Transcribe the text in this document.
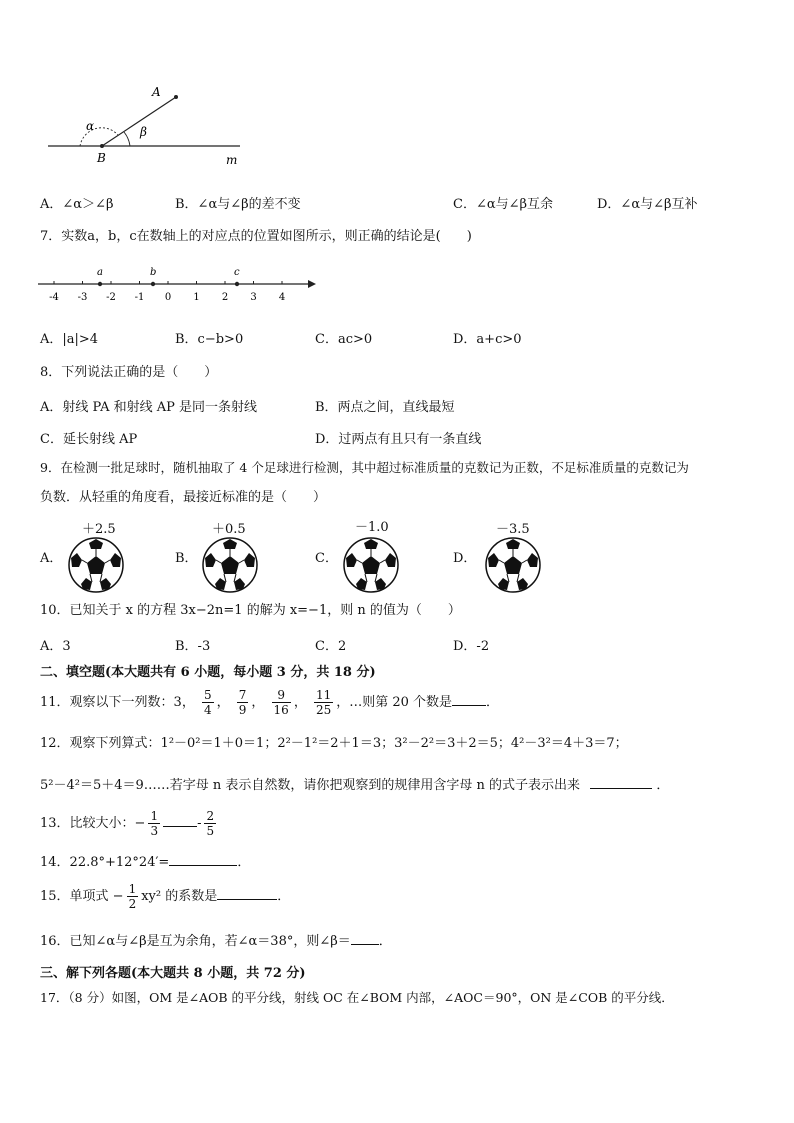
A
α	β
B	m
A．∠α＞∠β	B．∠α与∠β的差不变	C．∠α与∠β互余	D．∠α与∠β互补
7．实数a，b，c在数轴上的对应点的位置如图所示，则正确的结论是(　　)
-4 -3 -2 -1 0 1 2 3 4
a	b	c
A．|a|>4	B．c−b>0	C．ac>0	D．a+c>0
8．下列说法正确的是（　　）
A．射线 PA 和射线 AP 是同一条射线	B．两点之间，直线最短
C．延长射线 AP	D．过两点有且只有一条直线
9．在检测一批足球时，随机抽取了 4 个足球进行检测，其中超过标准质量的克数记为正数，不足标准质量的克数记为
负数．从轻重的角度看，最接近标准的是（　　）
A．	B．	C．	D．
＋2.5	＋0.5	－1.0	－3.5
10．已知关于 x 的方程 3x−2n=1 的解为 x=−1，则 n 的值为（　　）
A．3	B．-3	C．2	D．-2
二、填空题(本大题共有 6 小题，每小题 3 分，共 18 分)
11．观察以下一列数：3， $\frac{5}{4}$ ， $\frac{7}{9}$ ， $\frac{9}{16}$ ， $\frac{11}{25}$ ，…则第 20 个数是	．
12．观察下列算式：1²－0²＝1＋0＝1；2²－1²＝2＋1＝3；3²－2²＝3＋2＝5；4²－3²＝4＋3＝7；
5²－4²＝5＋4＝9……若字母 n 表示自然数，请你把观察到的规律用含字母 n 的式子表示出来	．
13．比较大小：− $\frac{1}{3}$	- $\frac{2}{5}$
14．22.8°+12°24′=	．
15．单项式 − $\frac{1}{2} xy^2$ 的系数是	．
16．已知∠α与∠β是互为余角，若∠α＝38°，则∠β＝ ．
三、解下列各题(本大题共 8 小题，共 72 分)
17．（8 分）如图，OM 是∠AOB 的平分线，射线 OC 在∠BOM 内部，∠AOC＝90°，ON 是∠COB 的平分线．
